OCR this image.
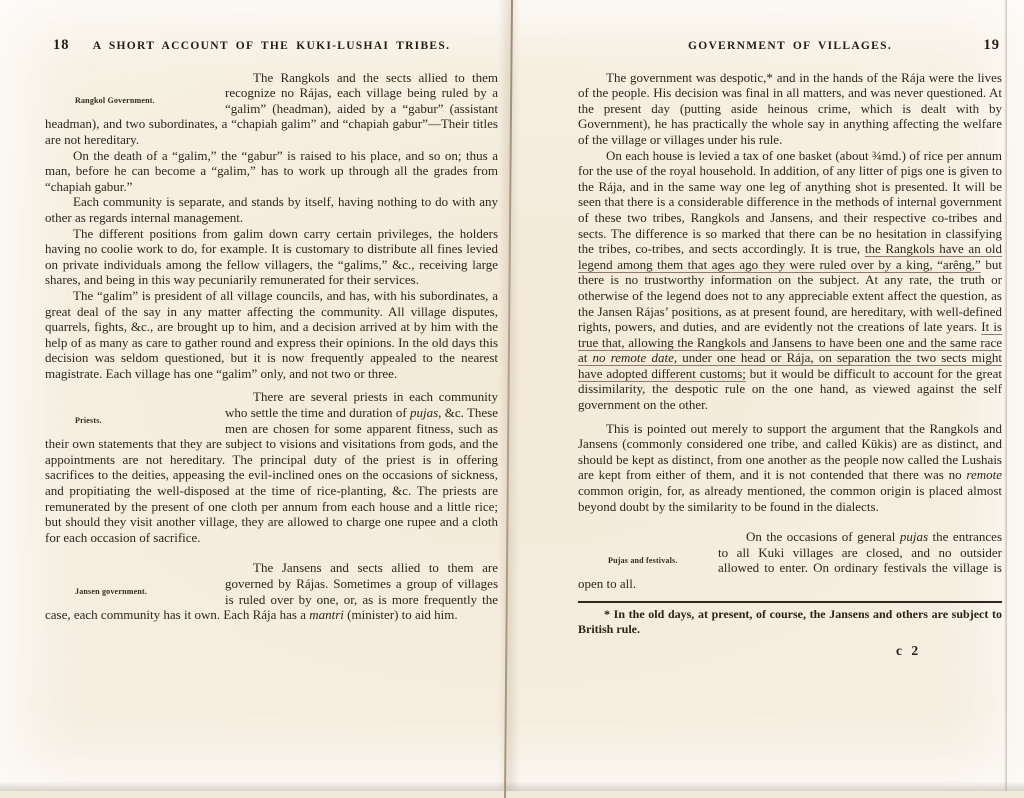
18	A SHORT ACCOUNT OF THE KUKI-LUSHAI TRIBES.

Rangkol Government.
The Rangkols and the sects allied to them recognize no Rájas, each village being ruled by a “galim” (headman), aided by a “gabur” (assistant headman), and two subordinates, a “chapiah galim” and “chapiah gabur”—Their titles are not hereditary.

On the death of a “galim,” the “gabur” is raised to his place, and so on; thus a man, before he can become a “galim,” has to work up through all the grades from “chapiah gabur.”

Each community is separate, and stands by itself, having nothing to do with any other as regards internal management.

The different positions from galim down carry certain privileges, the holders having no coolie work to do, for example. It is customary to distribute all fines levied on private individuals among the fellow villagers, the “galims,” &c., receiving large shares, and being in this way pecuniarily remunerated for their services.

The “galim” is president of all village councils, and has, with his subordinates, a great deal of the say in any matter affecting the community. All village disputes, quarrels, fights, &c., are brought up to him, and a decision arrived at by him with the help of as many as care to gather round and express their opinions. In the old days this decision was seldom questioned, but it is now frequently appealed to the nearest magistrate. Each village has one “galim” only, and not two or three.

Priests.
There are several priests in each community who settle the time and duration of pujas, &c. These men are chosen for some apparent fitness, such as their own statements that they are subject to visions and visitations from gods, and the appointments are not hereditary. The principal duty of the priest is in offering sacrifices to the deities, appeasing the evil-inclined ones on the occasions of sickness, and propitiating the well-disposed at the time of rice-planting, &c. The priests are remunerated by the present of one cloth per annum from each house and a little rice; but should they visit another village, they are allowed to charge one rupee and a cloth for each occasion of sacrifice.

Jansen government.
The Jansens and sects allied to them are governed by Rájas. Sometimes a group of villages is ruled over by one, or, as is more frequently the case, each community has it own. Each Rája has a mantri (minister) to aid him.

GOVERNMENT OF VILLAGES.	19

The government was despotic,* and in the hands of the Rája were the lives of the people. His decision was final in all matters, and was never questioned. At the present day (putting aside heinous crime, which is dealt with by Government), he has practically the whole say in anything affecting the welfare of the village or villages under his rule.

On each house is levied a tax of one basket (about ¾md.) of rice per annum for the use of the royal household. In addition, of any litter of pigs one is given to the Rája, and in the same way one leg of anything shot is presented. It will be seen that there is a considerable difference in the methods of internal government of these two tribes, Rangkols and Jansens, and their respective co-tribes and sects. The difference is so marked that there can be no hesitation in classifying the tribes, co-tribes, and sects accordingly. It is true, the Rangkols have an old legend among them that ages ago they were ruled over by a king, “arêng,” but there is no trustworthy information on the subject. At any rate, the truth or otherwise of the legend does not to any appreciable extent affect the question, as the Jansen Rájas’ positions, as at present found, are hereditary, with well-defined rights, powers, and duties, and are evidently not the creations of late years. It is true that, allowing the Rangkols and Jansens to have been one and the same race at no remote date, under one head or Rája, on separation the two sects might have adopted different customs; but it would be difficult to account for the great dissimilarity, the despotic rule on the one hand, as viewed against the self government on the other.

This is pointed out merely to support the argument that the Rangkols and Jansens (commonly considered one tribe, and called Kūkis) are as distinct, and should be kept as distinct, from one another as the people now called the Lushais are kept from either of them, and it is not contended that there was no remote common origin, for, as already mentioned, the common origin is placed almost beyond doubt by the similarity to be found in the dialects.

Pujas and festivals.
On the occasions of general pujas the entrances to all Kuki villages are closed, and no outsider allowed to enter. On ordinary festivals the village is open to all.

* In the old days, at present, of course, the Jansens and others are subject to British rule.

c 2
